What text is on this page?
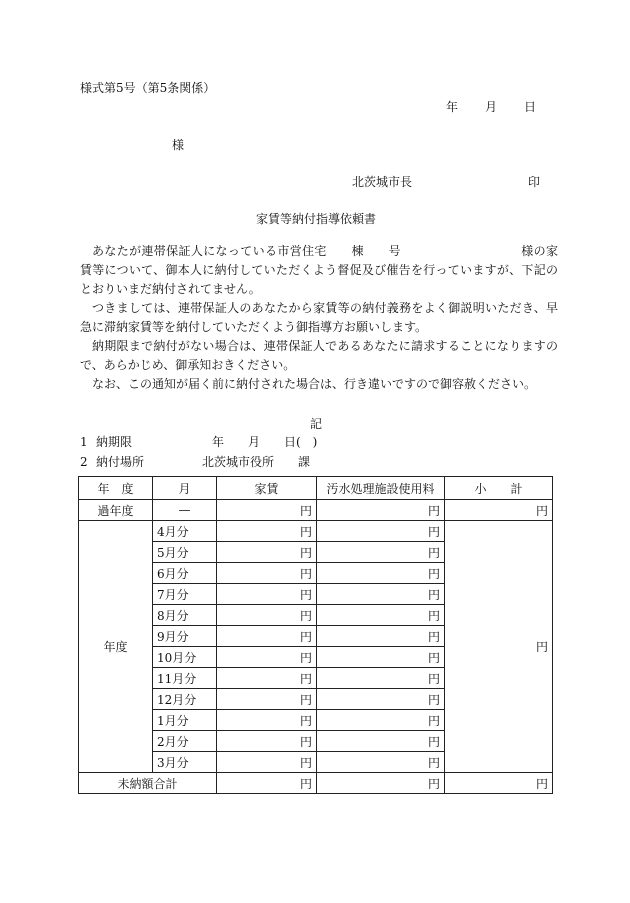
様式第5号（第5条関係）
年　　月　　日
様
北茨城市長	印
家賃等納付指導依頼書

あなたが連帯保証人になっている市営住宅　　棟　　号	様の家賃等について、御本人に納付していただくよう督促及び催告を行っていますが、下記のとおりいまだ納付されてません。

つきましては、連帯保証人のあなたから家賃等の納付義務をよく御説明いただき、早急に滞納家賃等を納付していただくよう御指導方お願いします。

納期限まで納付がない場合は、連帯保証人であるあなたに請求することになりますので、あらかじめ、御承知おきください。

なお、この通知が届く前に納付された場合は、行き違いですので御容赦ください。

記
1 納期限	年　　月　　日(　)
2 納付場所	北茨城市役所　　課
年　度	月	家賃	汚水処理施設使用料	小　　計
過年度	—	円	円	円
年度	4月分	円	円	円
	5月分	円	円	
	6月分	円	円	
	7月分	円	円	
	8月分	円	円	
	9月分	円	円	
	10月分	円	円	
	11月分	円	円	
	12月分	円	円	
	1月分	円	円	
	2月分	円	円	
	3月分	円	円	
未納額合計		円	円	円
